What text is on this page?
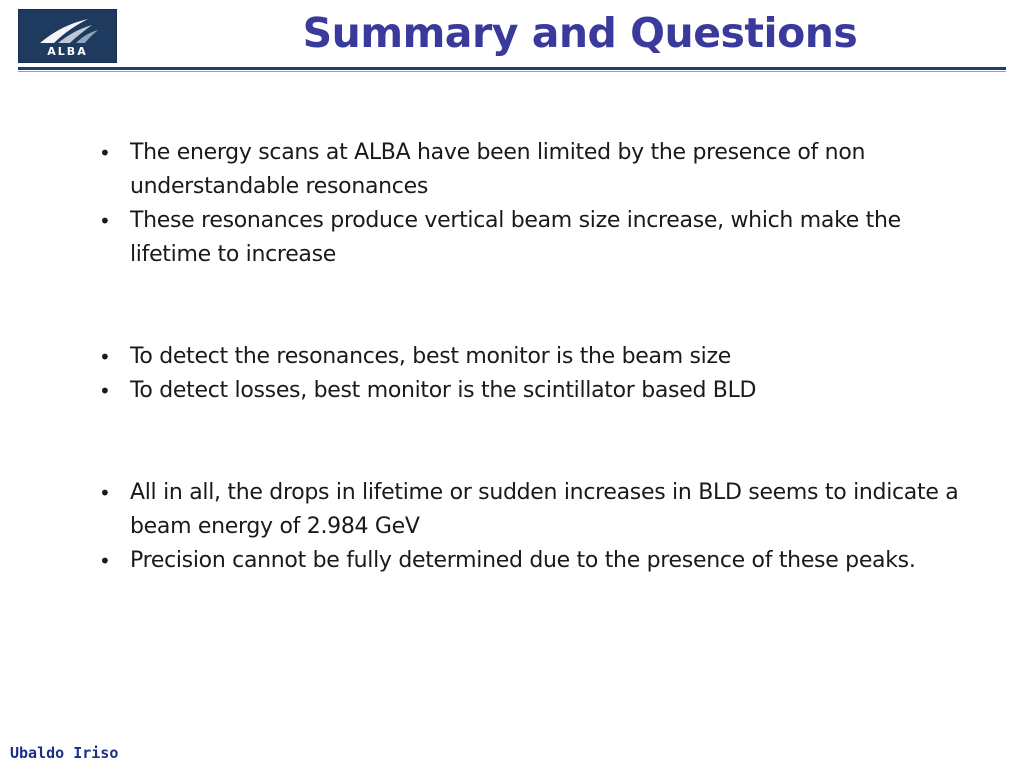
ALBA	Summary and Questions
• The energy scans at ALBA have been limited by the presence of non understandable resonances
• These resonances produce vertical beam size increase, which make the lifetime to increase
• To detect the resonances, best monitor is the beam size
• To detect losses, best monitor is the scintillator based BLD
• All in all, the drops in lifetime or sudden increases in BLD seems to indicate a beam energy of 2.984 GeV
• Precision cannot be fully determined due to the presence of these peaks.
Ubaldo Iriso
